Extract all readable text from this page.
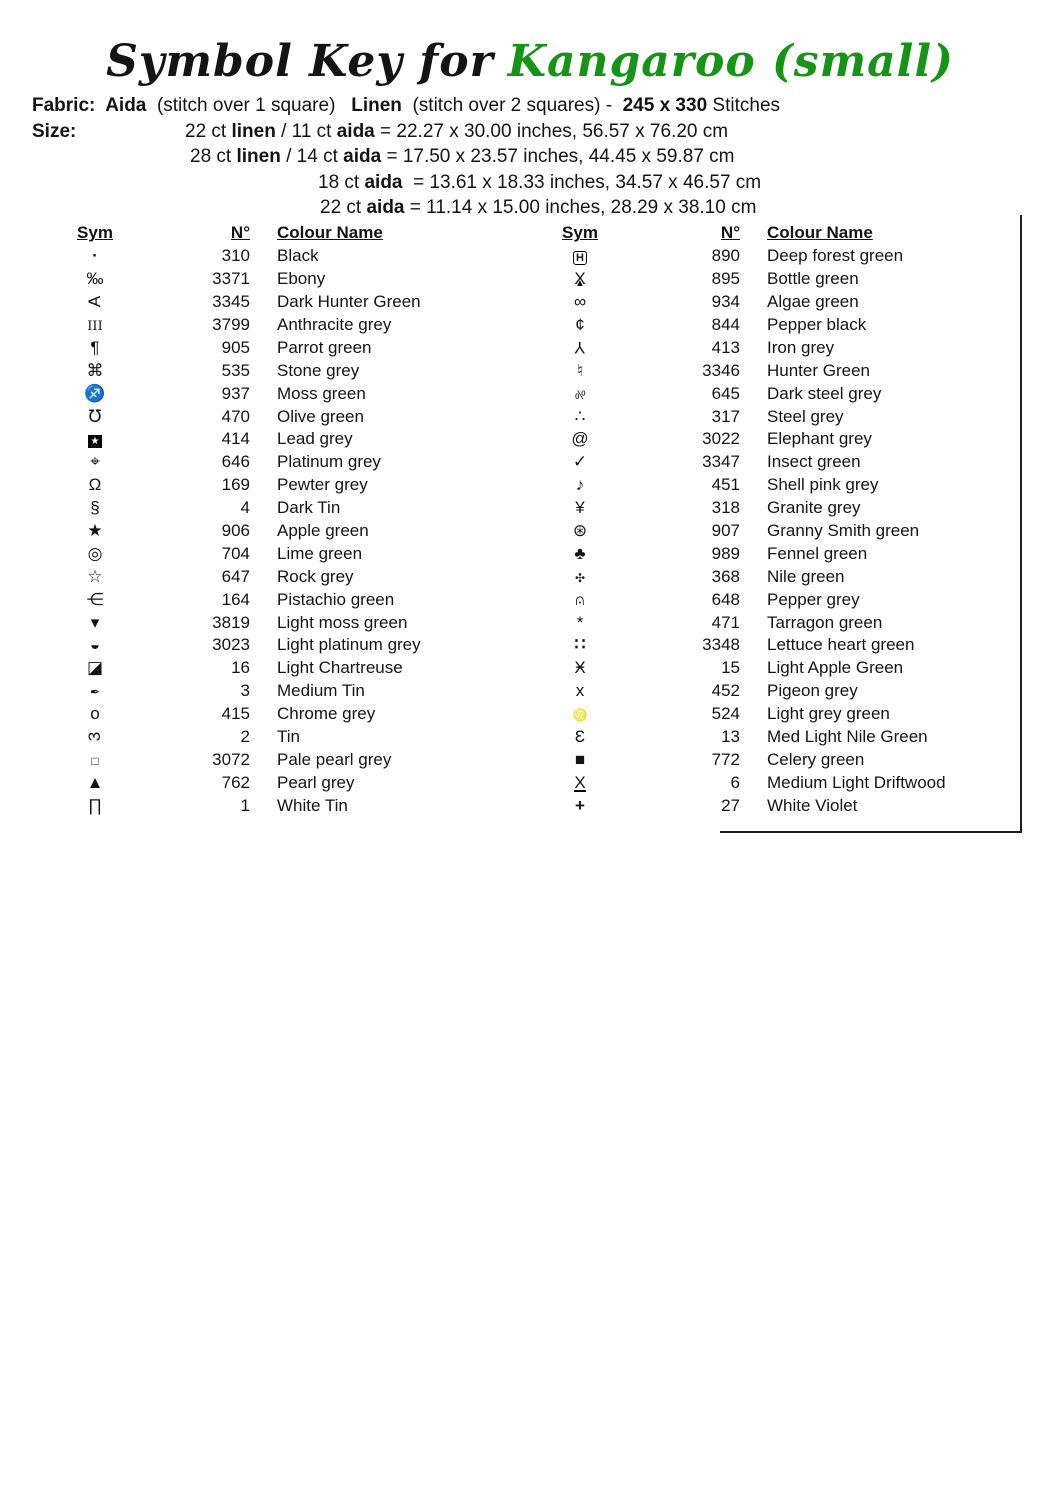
Symbol Key for Kangaroo (small)
Fabric:  Aida  (stitch over 1 square)   Linen  (stitch over 2 squares) -  245 x 330 Stitches
Size:	22 ct linen / 11 ct aida = 22.27 x 30.00 inches, 56.57 x 76.20 cm
28 ct linen / 14 ct aida = 17.50 x 23.57 inches, 44.45 x 59.87 cm
18 ct aida  = 13.61 x 18.33 inches, 34.57 x 46.57 cm
22 ct aida = 11.14 x 15.00 inches, 28.29 x 38.10 cm
Sym	N°	Colour Name
·	310	Black
‰	3371	Ebony
A	3345	Dark Hunter Green
III	3799	Anthracite grey
¶	905	Parrot green
⌘	535	Stone grey
♐	937	Moss green
℧	470	Olive green
★	414	Lead grey
⌖	646	Platinum grey
Ω	169	Pewter grey
§	4	Dark Tin
★	906	Apple green
◎	704	Lime green
☆	647	Rock grey
⋲	164	Pistachio green
▾	3819	Light moss green
◒	3023	Light platinum grey
◪	16	Light Chartreuse
✒	3	Medium Tin
o	415	Chrome grey
3	2	Tin
□	3072	Pale pearl grey
▲	762	Pearl grey
∏	1	White Tin
Sym	N°	Colour Name
H	890	Deep forest green
X ▲	895	Bottle green
∞	934	Algae green
¢	844	Pepper black
Y	413	Iron grey
♮	3346	Hunter Green
%	645	Dark steel grey
∴	317	Steel grey
@	3022	Elephant grey
✓	3347	Insect green
♪	451	Shell pink grey
¥	318	Granite grey
⊛	907	Granny Smith green
♣	989	Fennel green
✣	368	Nile green
∩ •	648	Pepper grey
*	471	Tarragon green
∷	3348	Lettuce heart green
Ӿ	15	Light Apple Green
x	452	Pigeon grey
♌	524	Light grey green
Ɛ	13	Med Light Nile Green
■	772	Celery green
X	6	Medium Light Driftwood
+	27	White Violet
